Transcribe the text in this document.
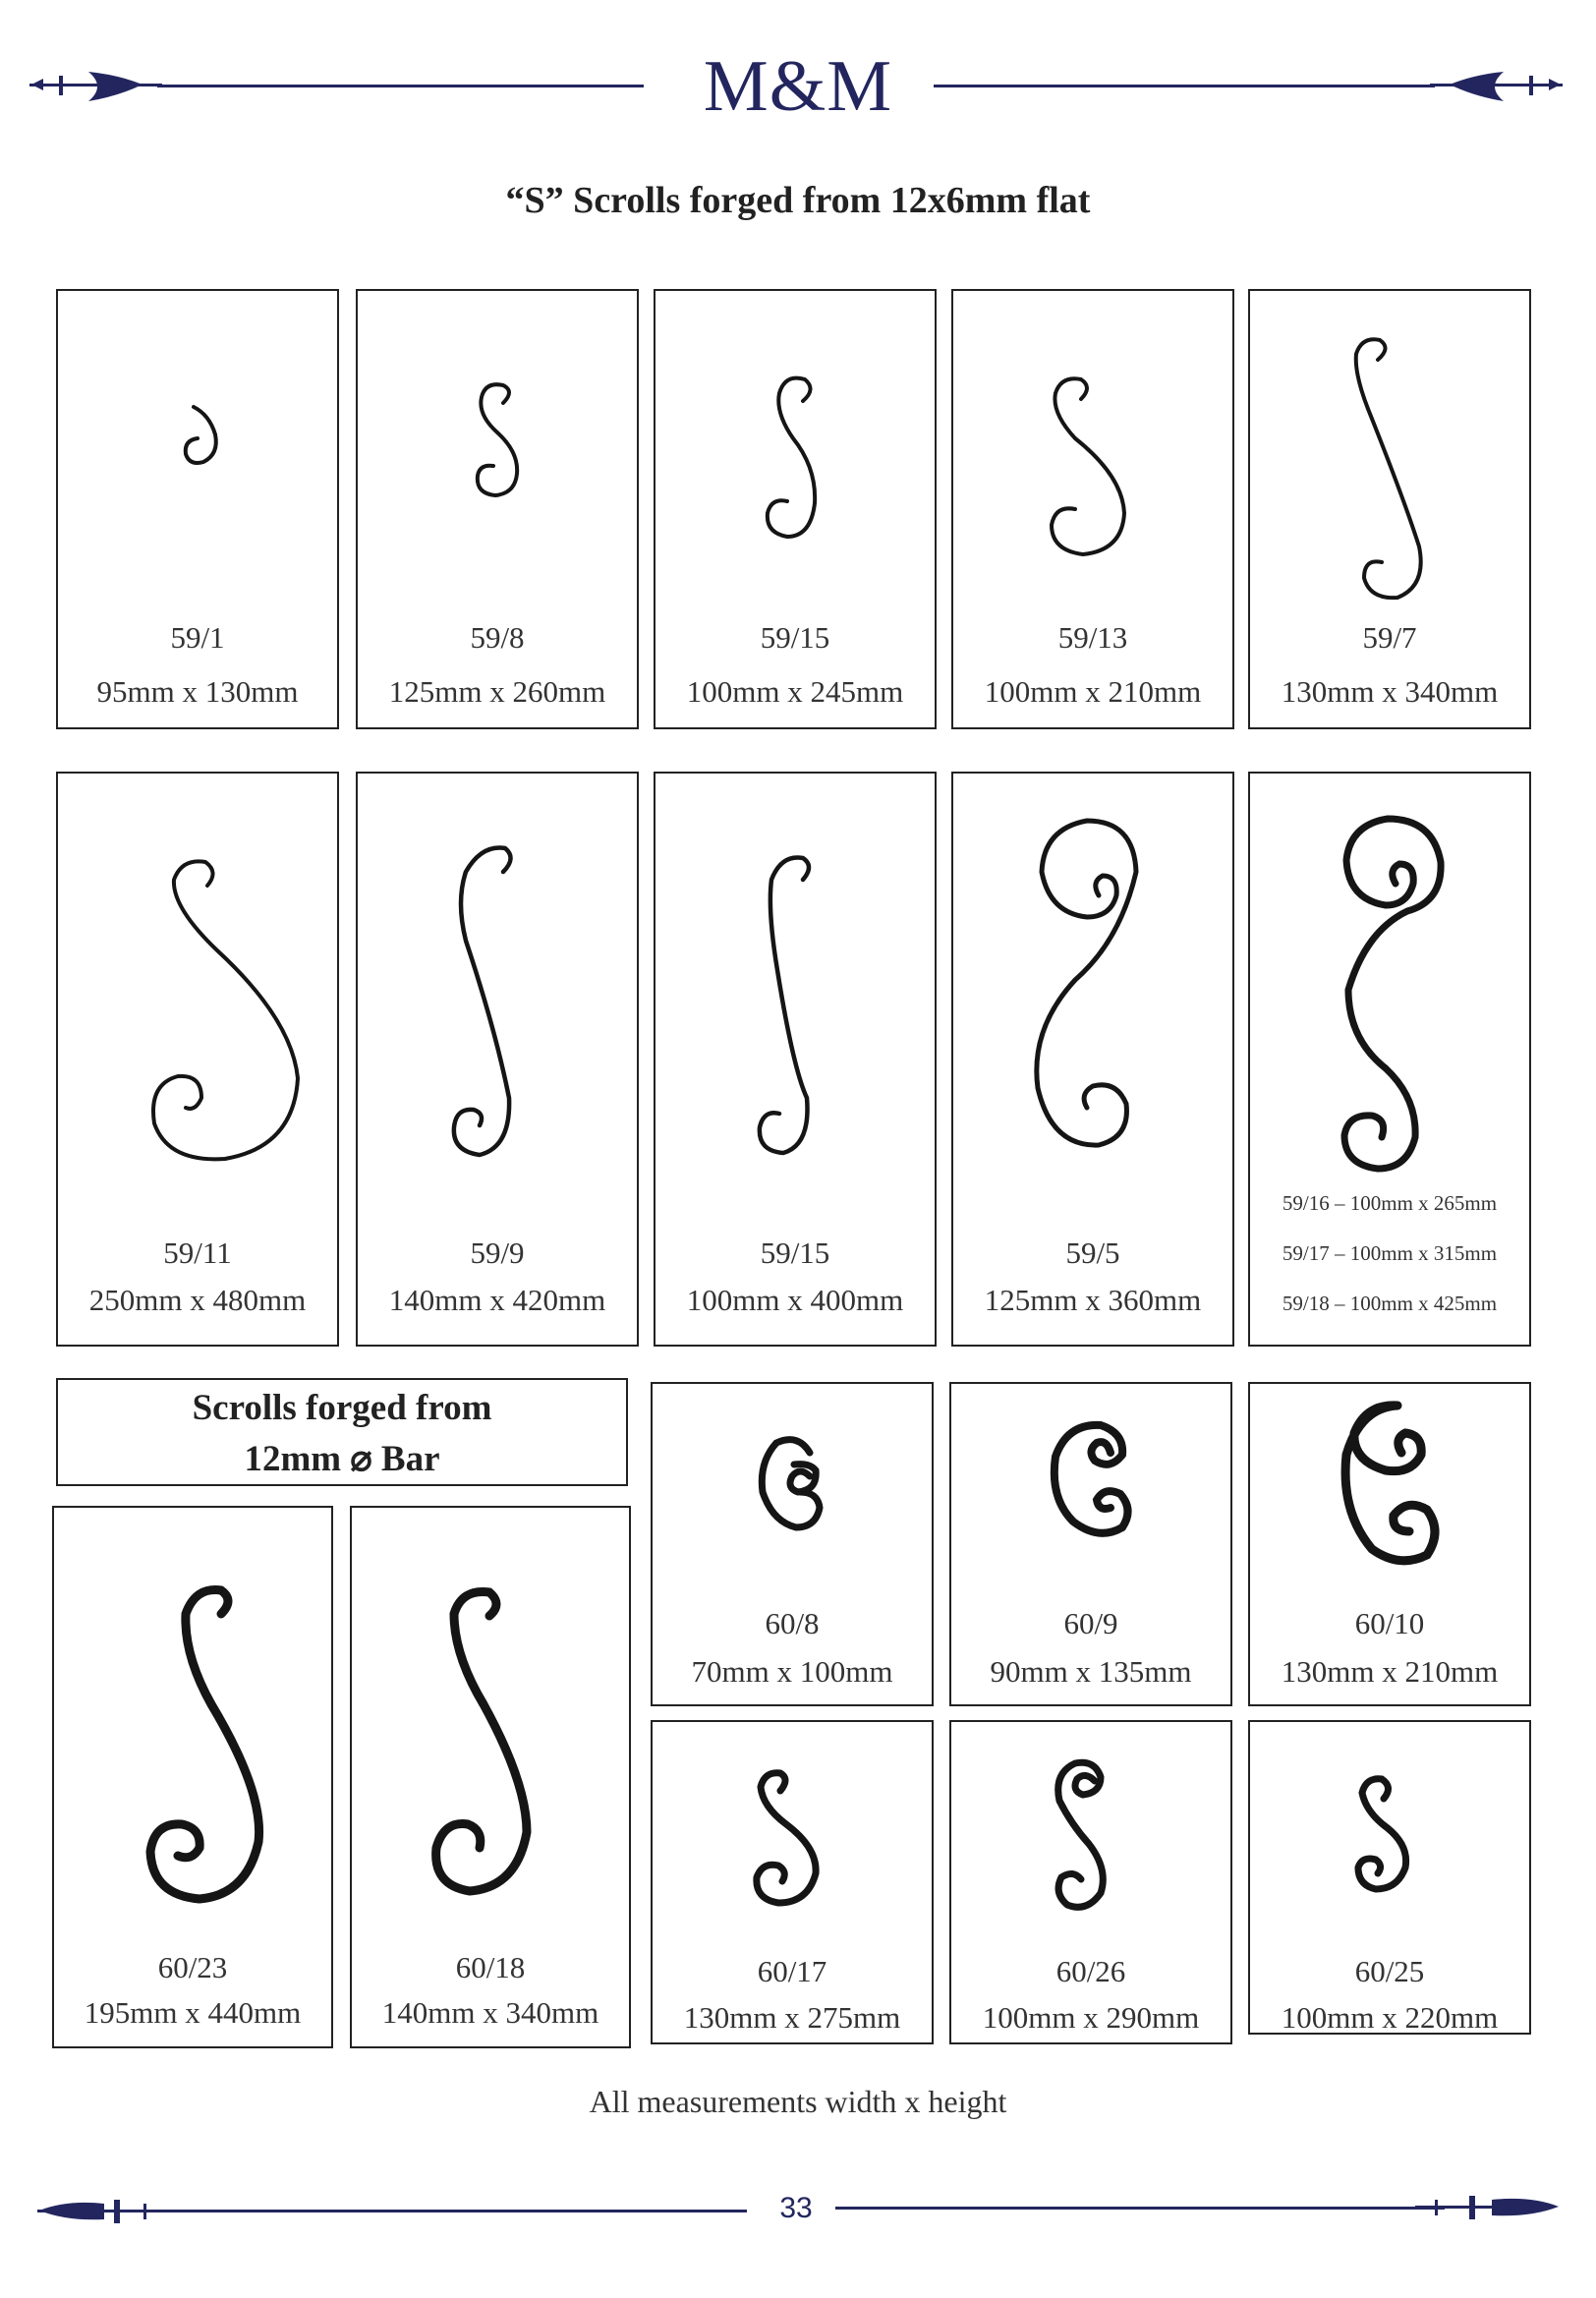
M&M
“S” Scrolls forged from 12x6mm flat
59/1
95mm x 130mm
59/8
125mm x 260mm
59/15
100mm x 245mm
59/13
100mm x 210mm
59/7
130mm x 340mm
59/11
250mm x 480mm
59/9
140mm x 420mm
59/15
100mm x 400mm
59/5
125mm x 360mm
59/16 – 100mm x 265mm
59/17 – 100mm x 315mm
59/18 – 100mm x 425mm
Scrolls forged from
12mm ⌀ Bar
60/23
195mm x 440mm
60/18
140mm x 340mm
60/8
70mm x 100mm
60/9
90mm x 135mm
60/10
130mm x 210mm
60/17
130mm x 275mm
60/26
100mm x 290mm
60/25
100mm x 220mm
All measurements width x height
33
